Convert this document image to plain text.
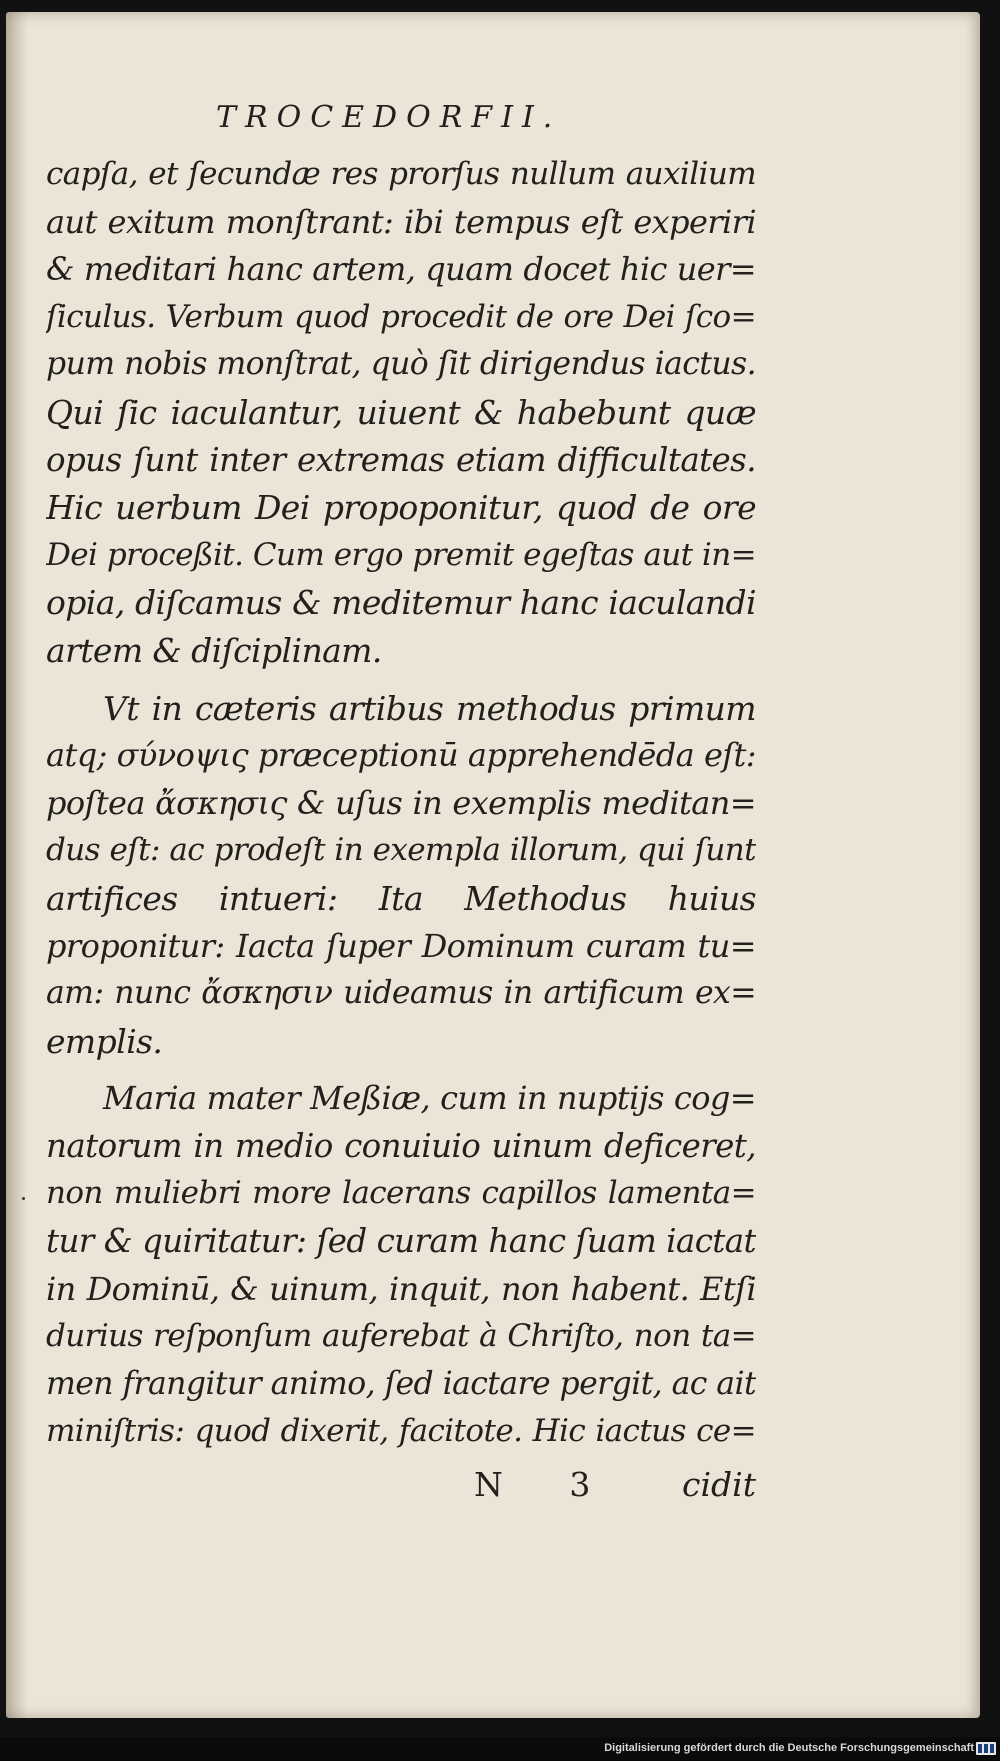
TROCEDORFII.
capſa, et ſecundæ res prorſus nullum auxilium
aut exitum monſtrant: ibi tempus eſt experiri
& meditari hanc artem, quam docet hic uer=
ſiculus. Verbum quod procedit de ore Dei ſco=
pum nobis monſtrat, quò ſit dirigendus iactus.
Qui ſic iaculantur, uiuent & habebunt quæ
opus ſunt inter extremas etiam difficultates.
Hic uerbum Dei propoponitur, quod de ore
Dei proceßit. Cum ergo premit egeſtas aut in=
opia, diſcamus & meditemur hanc iaculandi
artem & diſciplinam.
Vt in cæteris artibus methodus primum
atq; σύνοψις præceptionū apprehendēda eſt:
poſtea ἄσκησις & uſus in exemplis meditan=
dus eſt: ac prodeſt in exempla illorum, qui ſunt
artifices intueri: Ita Methodus huius
proponitur: Iacta ſuper Dominum curam tu=
am: nunc ἄσκησιν uideamus in artificum ex=
emplis.
Maria mater Meßiæ, cum in nuptijs cog=
natorum in medio conuiuio uinum deficeret,
non muliebri more lacerans capillos lamenta=
tur & quiritatur: ſed curam hanc ſuam iactat
in Dominū, & uinum, inquit, non habent. Etſi
durius reſponſum auferebat à Chriſto, non ta=
men frangitur animo, ſed iactare pergit, ac ait
miniſtris: quod dixerit, facitote. Hic iactus ce=
N 3 cidit
Digitalisierung gefördert durch die Deutsche Forschungsgemeinschaft
